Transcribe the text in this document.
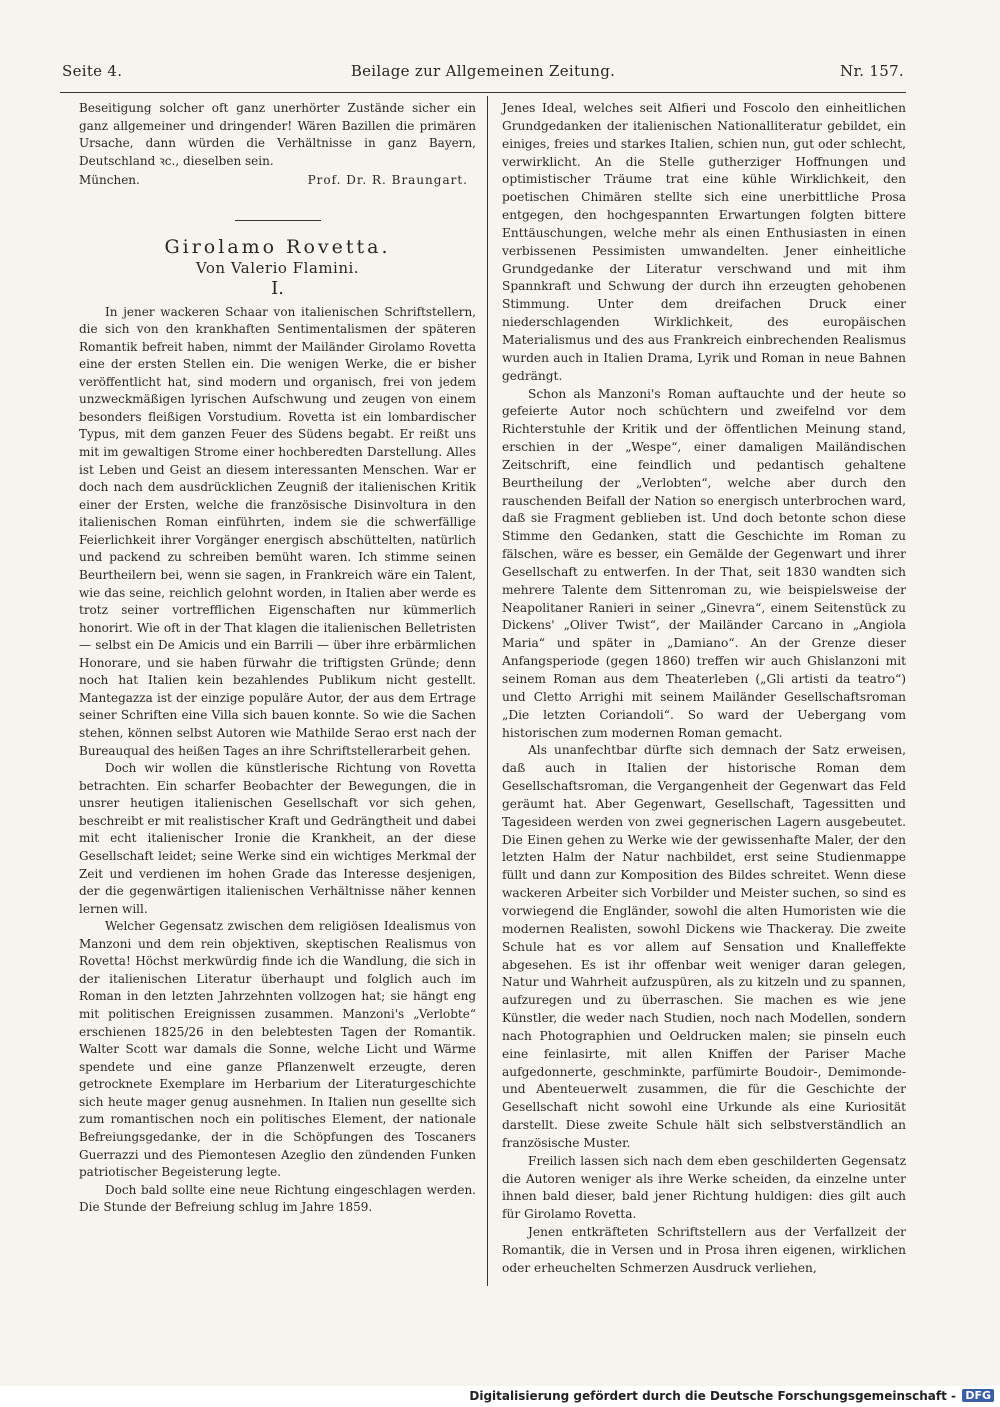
Seite 4.	Beilage zur Allgemeinen Zeitung.	Nr. 157.

Beseitigung solcher oft ganz unerhörter Zustände sicher ein ganz allgemeiner und dringender! Wären Bazillen die primären Ursache, dann würden die Verhältnisse in ganz Bayern, Deutschland ꝛc., dieselben sein.

München.	Prof. Dr. R. Braungart.
Girolamo Rovetta.
Von Valerio Flamini.
I.

In jener wackeren Schaar von italienischen Schriftstellern, die sich von den krankhaften Sentimentalismen der späteren Romantik befreit haben, nimmt der Mailänder Girolamo Rovetta eine der ersten Stellen ein. Die wenigen Werke, die er bisher veröffentlicht hat, sind modern und organisch, frei von jedem unzweckmäßigen lyrischen Aufschwung und zeugen von einem besonders fleißigen Vorstudium. Rovetta ist ein lombardischer Typus, mit dem ganzen Feuer des Südens begabt. Er reißt uns mit im gewaltigen Strome einer hochberedten Darstellung. Alles ist Leben und Geist an diesem interessanten Menschen. War er doch nach dem ausdrücklichen Zeugniß der italienischen Kritik einer der Ersten, welche die französische Disinvoltura in den italienischen Roman einführten, indem sie die schwerfällige Feierlichkeit ihrer Vorgänger energisch abschüttelten, natürlich und packend zu schreiben bemüht waren. Ich stimme seinen Beurtheilern bei, wenn sie sagen, in Frankreich wäre ein Talent, wie das seine, reichlich gelohnt worden, in Italien aber werde es trotz seiner vortrefflichen Eigenschaften nur kümmerlich honorirt. Wie oft in der That klagen die italienischen Belletristen — selbst ein De Amicis und ein Barrili — über ihre erbärmlichen Honorare, und sie haben fürwahr die triftigsten Gründe; denn noch hat Italien kein bezahlendes Publikum nicht gestellt. Mantegazza ist der einzige populäre Autor, der aus dem Ertrage seiner Schriften eine Villa sich bauen konnte. So wie die Sachen stehen, können selbst Autoren wie Mathilde Serao erst nach der Bureauqual des heißen Tages an ihre Schriftstellerarbeit gehen.

Doch wir wollen die künstlerische Richtung von Rovetta betrachten. Ein scharfer Beobachter der Bewegungen, die in unsrer heutigen italienischen Gesellschaft vor sich gehen, beschreibt er mit realistischer Kraft und Gedrängtheit und dabei mit echt italienischer Ironie die Krankheit, an der diese Gesellschaft leidet; seine Werke sind ein wichtiges Merkmal der Zeit und verdienen im hohen Grade das Interesse desjenigen, der die gegenwärtigen italienischen Verhältnisse näher kennen lernen will.

Welcher Gegensatz zwischen dem religiösen Idealismus von Manzoni und dem rein objektiven, skeptischen Realismus von Rovetta! Höchst merkwürdig finde ich die Wandlung, die sich in der italienischen Literatur überhaupt und folglich auch im Roman in den letzten Jahrzehnten vollzogen hat; sie hängt eng mit politischen Ereignissen zusammen. Manzoni's „Verlobte“ erschienen 1825/26 in den belebtesten Tagen der Romantik. Walter Scott war damals die Sonne, welche Licht und Wärme spendete und eine ganze Pflanzenwelt erzeugte, deren getrocknete Exemplare im Herbarium der Literaturgeschichte sich heute mager genug ausnehmen. In Italien nun gesellte sich zum romantischen noch ein politisches Element, der nationale Befreiungsgedanke, der in die Schöpfungen des Toscaners Guerrazzi und des Piemontesen Azeglio den zündenden Funken patriotischer Begeisterung legte.

Doch bald sollte eine neue Richtung eingeschlagen werden. Die Stunde der Befreiung schlug im Jahre 1859.

Jenes Ideal, welches seit Alfieri und Foscolo den einheitlichen Grundgedanken der italienischen Nationalliteratur gebildet, ein einiges, freies und starkes Italien, schien nun, gut oder schlecht, verwirklicht. An die Stelle gutherziger Hoffnungen und optimistischer Träume trat eine kühle Wirklichkeit, den poetischen Chimären stellte sich eine unerbittliche Prosa entgegen, den hochgespannten Erwartungen folgten bittere Enttäuschungen, welche mehr als einen Enthusiasten in einen verbissenen Pessimisten umwandelten. Jener einheitliche Grundgedanke der Literatur verschwand und mit ihm Spannkraft und Schwung der durch ihn erzeugten gehobenen Stimmung. Unter dem dreifachen Druck einer niederschlagenden Wirklichkeit, des europäischen Materialismus und des aus Frankreich einbrechenden Realismus wurden auch in Italien Drama, Lyrik und Roman in neue Bahnen gedrängt.

Schon als Manzoni's Roman auftauchte und der heute so gefeierte Autor noch schüchtern und zweifelnd vor dem Richterstuhle der Kritik und der öffentlichen Meinung stand, erschien in der „Wespe“, einer damaligen Mailändischen Zeitschrift, eine feindlich und pedantisch gehaltene Beurtheilung der „Verlobten“, welche aber durch den rauschenden Beifall der Nation so energisch unterbrochen ward, daß sie Fragment geblieben ist. Und doch betonte schon diese Stimme den Gedanken, statt die Geschichte im Roman zu fälschen, wäre es besser, ein Gemälde der Gegenwart und ihrer Gesellschaft zu entwerfen. In der That, seit 1830 wandten sich mehrere Talente dem Sittenroman zu, wie beispielsweise der Neapolitaner Ranieri in seiner „Ginevra“, einem Seitenstück zu Dickens' „Oliver Twist“, der Mailänder Carcano in „Angiola Maria“ und später in „Damiano“. An der Grenze dieser Anfangsperiode (gegen 1860) treffen wir auch Ghislanzoni mit seinem Roman aus dem Theaterleben („Gli artisti da teatro“) und Cletto Arrighi mit seinem Mailänder Gesellschaftsroman „Die letzten Coriandoli“. So ward der Uebergang vom historischen zum modernen Roman gemacht.

Als unanfechtbar dürfte sich demnach der Satz erweisen, daß auch in Italien der historische Roman dem Gesellschaftsroman, die Vergangenheit der Gegenwart das Feld geräumt hat. Aber Gegenwart, Gesellschaft, Tagessitten und Tagesideen werden von zwei gegnerischen Lagern ausgebeutet. Die Einen gehen zu Werke wie der gewissenhafte Maler, der den letzten Halm der Natur nachbildet, erst seine Studienmappe füllt und dann zur Komposition des Bildes schreitet. Wenn diese wackeren Arbeiter sich Vorbilder und Meister suchen, so sind es vorwiegend die Engländer, sowohl die alten Humoristen wie die modernen Realisten, sowohl Dickens wie Thackeray. Die zweite Schule hat es vor allem auf Sensation und Knalleffekte abgesehen. Es ist ihr offenbar weit weniger daran gelegen, Natur und Wahrheit aufzuspüren, als zu kitzeln und zu spannen, aufzuregen und zu überraschen. Sie machen es wie jene Künstler, die weder nach Studien, noch nach Modellen, sondern nach Photographien und Oeldrucken malen; sie pinseln euch eine feinlasirte, mit allen Kniffen der Pariser Mache aufgedonnerte, geschminkte, parfümirte Boudoir-, Demimonde- und Abenteuerwelt zusammen, die für die Geschichte der Gesellschaft nicht sowohl eine Urkunde als eine Kuriosität darstellt. Diese zweite Schule hält sich selbstverständlich an französische Muster.

Freilich lassen sich nach dem eben geschilderten Gegensatz die Autoren weniger als ihre Werke scheiden, da einzelne unter ihnen bald dieser, bald jener Richtung huldigen: dies gilt auch für Girolamo Rovetta.

Jenen entkräfteten Schriftstellern aus der Verfallzeit der Romantik, die in Versen und in Prosa ihren eigenen, wirklichen oder erheuchelten Schmerzen Ausdruck verliehen,

Digitalisierung gefördert durch die Deutsche Forschungsgemeinschaft - DFG
